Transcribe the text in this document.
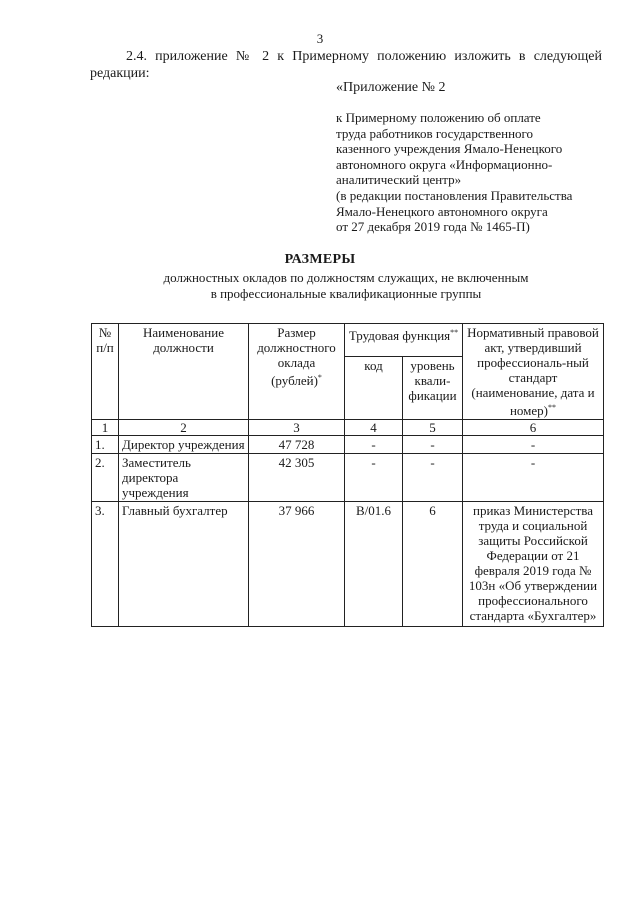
3
2.4. приложение № 2 к Примерному положению изложить в следующей
редакции:
«Приложение № 2
к Примерному положению об оплате
труда работников государственного
казенного учреждения Ямало-Ненецкого
автономного округа «Информационно-
аналитический центр»
(в редакции постановления Правительства
Ямало-Ненецкого автономного округа
от 27 декабря 2019 года № 1465-П)
РАЗМЕРЫ
должностных окладов по должностям служащих, не включенным
в профессиональные квалификационные группы
№ п/п	Наименование должности	Размер должностного оклада (рублей)*	Трудовая функция**		Нормативный правовой акт, утвердивший профессиональ-ный стандарт (наименование, дата и номер)**
			код	уровень квали-фикации	
1	2	3	4	5	6
1.	Директор учреждения	47 728	-	-	-
2.	Заместитель директора учреждения	42 305	-	-	-
3.	Главный бухгалтер	37 966	B/01.6	6	приказ Министерства труда и социальной защиты Российской Федерации от 21 февраля 2019 года № 103н «Об утверждении профессионального стандарта «Бухгалтер»
